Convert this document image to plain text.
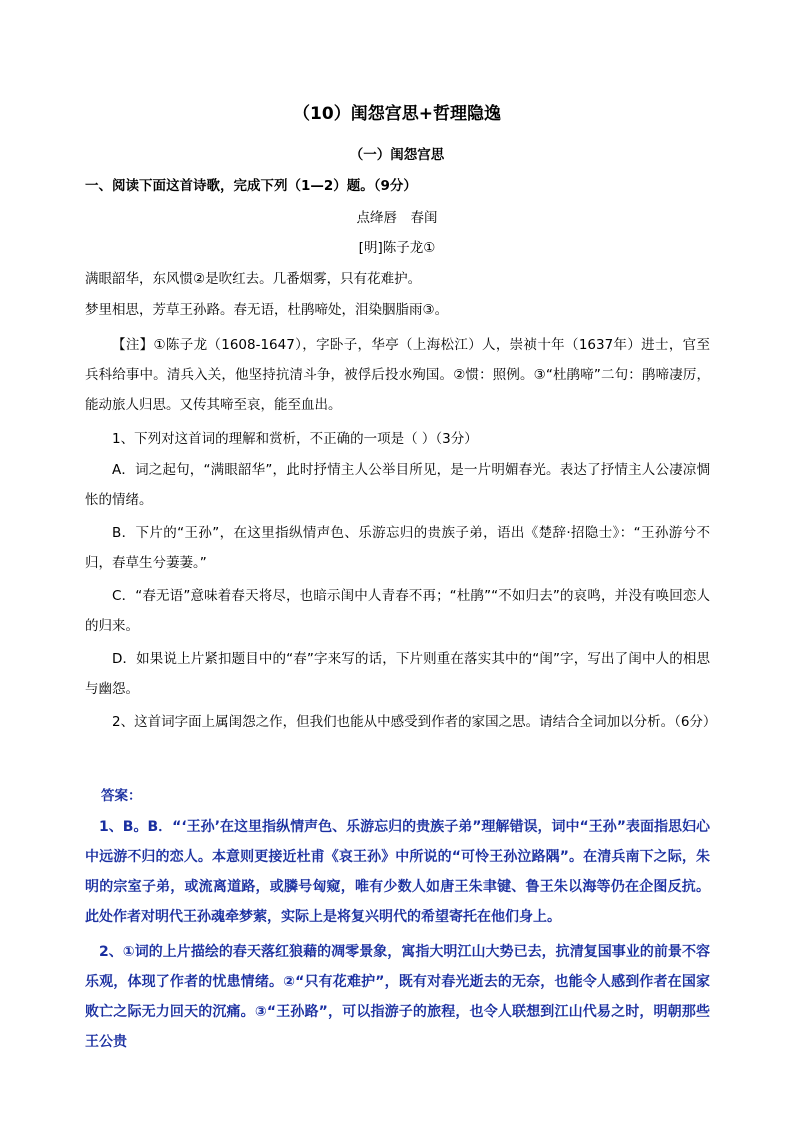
（10）闺怨宫思+哲理隐逸
（一）闺怨宫思
一、阅读下面这首诗歌，完成下列（1—2）题。（9分）
点绛唇　春闺
[明]陈子龙①
满眼韶华，东风惯②是吹红去。几番烟雾，只有花难护。
梦里相思，芳草王孙路。春无语，杜鹃啼处，泪染胭脂雨③。
【注】①陈子龙（1608-1647），字卧子，华亭（上海松江）人，崇祯十年（1637年）进士，官至兵科给事中。清兵入关，他坚持抗清斗争，被俘后投水殉国。②惯：照例。③“杜鹃啼”二句：鹃啼凄厉，能动旅人归思。又传其啼至哀，能至血出。
1、下列对这首词的理解和赏析，不正确的一项是（ ）（3分）
A．词之起句，“满眼韶华”，此时抒情主人公举目所见，是一片明媚春光。表达了抒情主人公凄凉惆怅的情绪。
B．下片的“王孙”，在这里指纵情声色、乐游忘归的贵族子弟，语出《楚辞·招隐士》：“王孙游兮不归，春草生兮萋萋。”
C．“春无语”意味着春天将尽，也暗示闺中人青春不再；“杜鹃”“不如归去”的哀鸣，并没有唤回恋人的归来。
D．如果说上片紧扣题目中的“春”字来写的话，下片则重在落实其中的“闺”字，写出了闺中人的相思与幽怨。
2、这首词字面上属闺怨之作，但我们也能从中感受到作者的家国之思。请结合全词加以分析。（6分）
答案：
1、B。B．“‘王孙’在这里指纵情声色、乐游忘归的贵族子弟”理解错误，词中“王孙”表面指思妇心中远游不归的恋人。本意则更接近杜甫《哀王孙》中所说的“可怜王孙泣路隅”。在清兵南下之际，朱明的宗室子弟，或流离道路，或膦号匈窥，唯有少数人如唐王朱聿键、鲁王朱以海等仍在企图反抗。此处作者对明代王孙魂牵梦萦，实际上是将复兴明代的希望寄托在他们身上。
2、①词的上片描绘的春天落红狼藉的凋零景象，寓指大明江山大势已去，抗清复国事业的前景不容乐观，体现了作者的忧患情绪。②“只有花难护”，既有对春光逝去的无奈，也能令人感到作者在国家败亡之际无力回天的沉痛。③“王孙路”，可以指游子的旅程，也令人联想到江山代易之时，明朝那些王公贵
